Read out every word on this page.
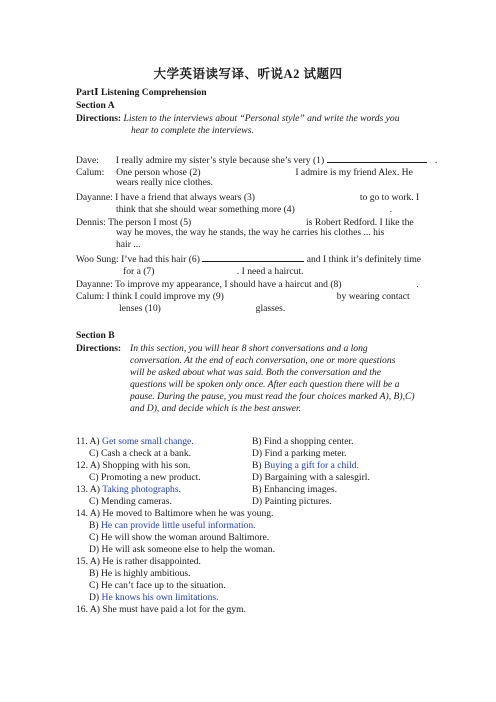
大学英语读写译、听说A2 试题四
PartⅠ Listening Comprehension
Section A
Directions: Listen to the interviews about “Personal style” and write the words you
hear to complete the interviews.
Dave: I really admire my sister’s style because she’s very (1)	.
Calum: One person whose (2)	I admire is my friend Alex. He
wears really nice clothes.
Dayanne: I have a friend that always wears (3)	to go to work. I
think that she should wear something more (4)	.
Dennis: The person I most (5)	is Robert Redford. I like the
way he moves, the way he stands, the way he carries his clothes ... his
hair ...
Woo Sung: I’ve had this hair (6)	and I think it’s definitely time
for a (7)	. I need a haircut.
Dayanne: To improve my appearance, I should have a haircut and (8)	.
Calum: I think I could improve my (9)	by wearing contact
lenses (10)	glasses.
Section B
Directions: In this section, you will hear 8 short conversations and a long
conversation. At the end of each conversation, one or more questions
will be asked about what was said. Both the conversation and the
questions will be spoken only once. After each question there will be a
pause. During the pause, you must read the four choices marked A), B),C)
and D), and decide which is the best answer.
11. A) Get some small change.	B) Find a shopping center.
C) Cash a check at a bank.	D) Find a parking meter.
12. A) Shopping with his son.	B) Buying a gift for a child.
C) Promoting a new product.	D) Bargaining with a salesgirl.
13. A) Taking photographs.	B) Enhancing images.
C) Mending cameras.	D) Painting pictures.
14. A) He moved to Baltimore when he was young.
B) He can provide little useful information.
C) He will show the woman around Baltimore.
D) He will ask someone else to help the woman.
15. A) He is rather disappointed.
B) He is highly ambitious.
C) He can’t face up to the situation.
D) He knows his own limitations.
16. A) She must have paid a lot for the gym.
